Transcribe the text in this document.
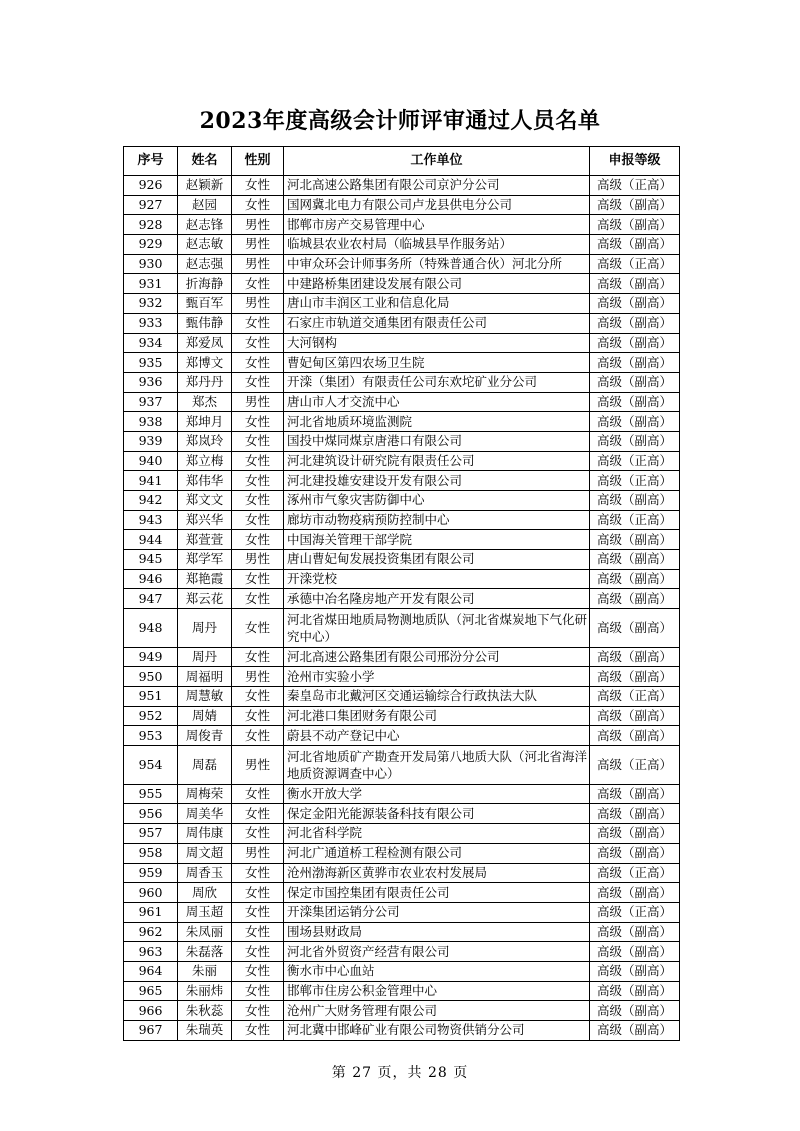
2023年度高级会计师评审通过人员名单
序号	姓名	性别	工作单位	申报等级
926	赵颖新	女性	河北高速公路集团有限公司京沪分公司	高级（正高）
927	赵园	女性	国网冀北电力有限公司卢龙县供电分公司	高级（副高）
928	赵志锋	男性	邯郸市房产交易管理中心	高级（副高）
929	赵志敏	男性	临城县农业农村局（临城县旱作服务站）	高级（副高）
930	赵志强	男性	中审众环会计师事务所（特殊普通合伙）河北分所	高级（正高）
931	折海静	女性	中建路桥集团建设发展有限公司	高级（副高）
932	甄百军	男性	唐山市丰润区工业和信息化局	高级（副高）
933	甄伟静	女性	石家庄市轨道交通集团有限责任公司	高级（副高）
934	郑爱凤	女性	大河钢构	高级（副高）
935	郑博文	女性	曹妃甸区第四农场卫生院	高级（副高）
936	郑丹丹	女性	开滦（集团）有限责任公司东欢坨矿业分公司	高级（副高）
937	郑杰	男性	唐山市人才交流中心	高级（副高）
938	郑坤月	女性	河北省地质环境监测院	高级（副高）
939	郑岚玲	女性	国投中煤同煤京唐港口有限公司	高级（副高）
940	郑立梅	女性	河北建筑设计研究院有限责任公司	高级（正高）
941	郑伟华	女性	河北建投雄安建设开发有限公司	高级（正高）
942	郑文文	女性	涿州市气象灾害防御中心	高级（副高）
943	郑兴华	女性	廊坊市动物疫病预防控制中心	高级（正高）
944	郑萱萱	女性	中国海关管理干部学院	高级（副高）
945	郑学军	男性	唐山曹妃甸发展投资集团有限公司	高级（副高）
946	郑艳霞	女性	开滦党校	高级（副高）
947	郑云花	女性	承德中冶名隆房地产开发有限公司	高级（副高）
948	周丹	女性	河北省煤田地质局物测地质队（河北省煤炭地下气化研究中心）	高级（副高）
949	周丹	女性	河北高速公路集团有限公司邢汾分公司	高级（副高）
950	周福明	男性	沧州市实验小学	高级（副高）
951	周慧敏	女性	秦皇岛市北戴河区交通运输综合行政执法大队	高级（正高）
952	周婧	女性	河北港口集团财务有限公司	高级（副高）
953	周俊青	女性	蔚县不动产登记中心	高级（副高）
954	周磊	男性	河北省地质矿产勘查开发局第八地质大队（河北省海洋地质资源调查中心）	高级（正高）
955	周梅荣	女性	衡水开放大学	高级（副高）
956	周美华	女性	保定金阳光能源装备科技有限公司	高级（副高）
957	周伟康	女性	河北省科学院	高级（副高）
958	周文超	男性	河北广通道桥工程检测有限公司	高级（副高）
959	周香玉	女性	沧州渤海新区黄骅市农业农村发展局	高级（正高）
960	周欣	女性	保定市国控集团有限责任公司	高级（副高）
961	周玉超	女性	开滦集团运销分公司	高级（正高）
962	朱凤丽	女性	围场县财政局	高级（副高）
963	朱磊落	女性	河北省外贸资产经营有限公司	高级（副高）
964	朱丽	女性	衡水市中心血站	高级（副高）
965	朱丽炜	女性	邯郸市住房公积金管理中心	高级（副高）
966	朱秋蕊	女性	沧州广大财务管理有限公司	高级（副高）
967	朱瑞英	女性	河北冀中邯峰矿业有限公司物资供销分公司	高级（副高）
第 27 页，共 28 页
